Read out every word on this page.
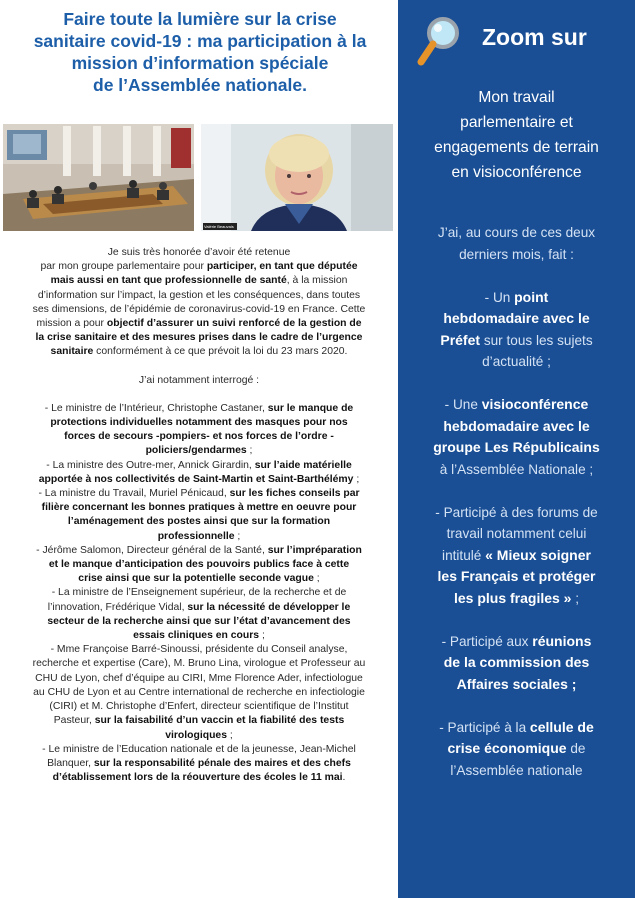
Faire toute la lumière sur la crise
sanitaire covid-19 : ma participation à la
mission d’information spéciale
de l’Assemblée nationale.
Valérie Beauvais

Je suis très honorée d’avoir été retenue

par mon groupe parlementaire pour participer, en tant que députée

mais aussi en tant que professionnelle de santé, à la mission

d’information sur l’impact, la gestion et les conséquences, dans toutes

ses dimensions, de l’épidémie de coronavirus-covid-19 en France. Cette

mission a pour objectif d’assurer un suivi renforcé de la gestion de

la crise sanitaire et des mesures prises dans le cadre de l’urgence

sanitaire conformément à ce que prévoit la loi du 23 mars 2020.

J’ai notamment interrogé :

- Le ministre de l’Intérieur, Christophe Castaner, sur le manque de

protections individuelles notamment des masques pour nos

forces de secours -pompiers- et nos forces de l’ordre -

policiers/gendarmes ;

- La ministre des Outre-mer, Annick Girardin, sur l’aide matérielle

apportée à nos collectivités de Saint-Martin et Saint-Barthélémy ;

- La ministre du Travail, Muriel Pénicaud, sur les fiches conseils par

filière concernant les bonnes pratiques à mettre en oeuvre pour

l’aménagement des postes ainsi que sur la formation

professionnelle ;

- Jérôme Salomon, Directeur général de la Santé, sur l’impréparation

et le manque d’anticipation des pouvoirs publics face à cette

crise ainsi que sur la potentielle seconde vague ;

- La ministre de l’Enseignement supérieur, de la recherche et de

l’innovation, Frédérique Vidal, sur la nécessité de développer le

secteur de la recherche ainsi que sur l’état d’avancement des

essais cliniques en cours ;

- Mme Françoise Barré-Sinoussi, présidente du Conseil analyse,

recherche et expertise (Care), M. Bruno Lina, virologue et Professeur au

CHU de Lyon, chef d’équipe au CIRI, Mme Florence Ader, infectiologue

au CHU de Lyon et au Centre international de recherche en infectiologie

(CIRI) et M. Christophe d’Enfert, directeur scientifique de l’Institut

Pasteur, sur la faisabilité d’un vaccin et la fiabilité des tests

virologiques ;

- Le ministre de l’Education nationale et de la jeunesse, Jean-Michel

Blanquer, sur la responsabilité pénale des maires et des chefs

d’établissement lors de la réouverture des écoles le 11 mai.

Zoom sur
Mon travail
parlementaire et
engagements de terrain
en visioconférence

J’ai, au cours de ces deux

derniers mois, fait :

- Un point

hebdomadaire avec le

Préfet sur tous les sujets

d’actualité ;

- Une visioconférence

hebdomadaire avec le

groupe Les Républicains

à l’Assemblée Nationale ;

- Participé à des forums de

travail notamment celui

intitulé « Mieux soigner

les Français et protéger

les plus fragiles » ;

- Participé aux réunions

de la commission des

Affaires sociales ;

- Participé à la cellule de

crise économique de

l’Assemblée nationale
